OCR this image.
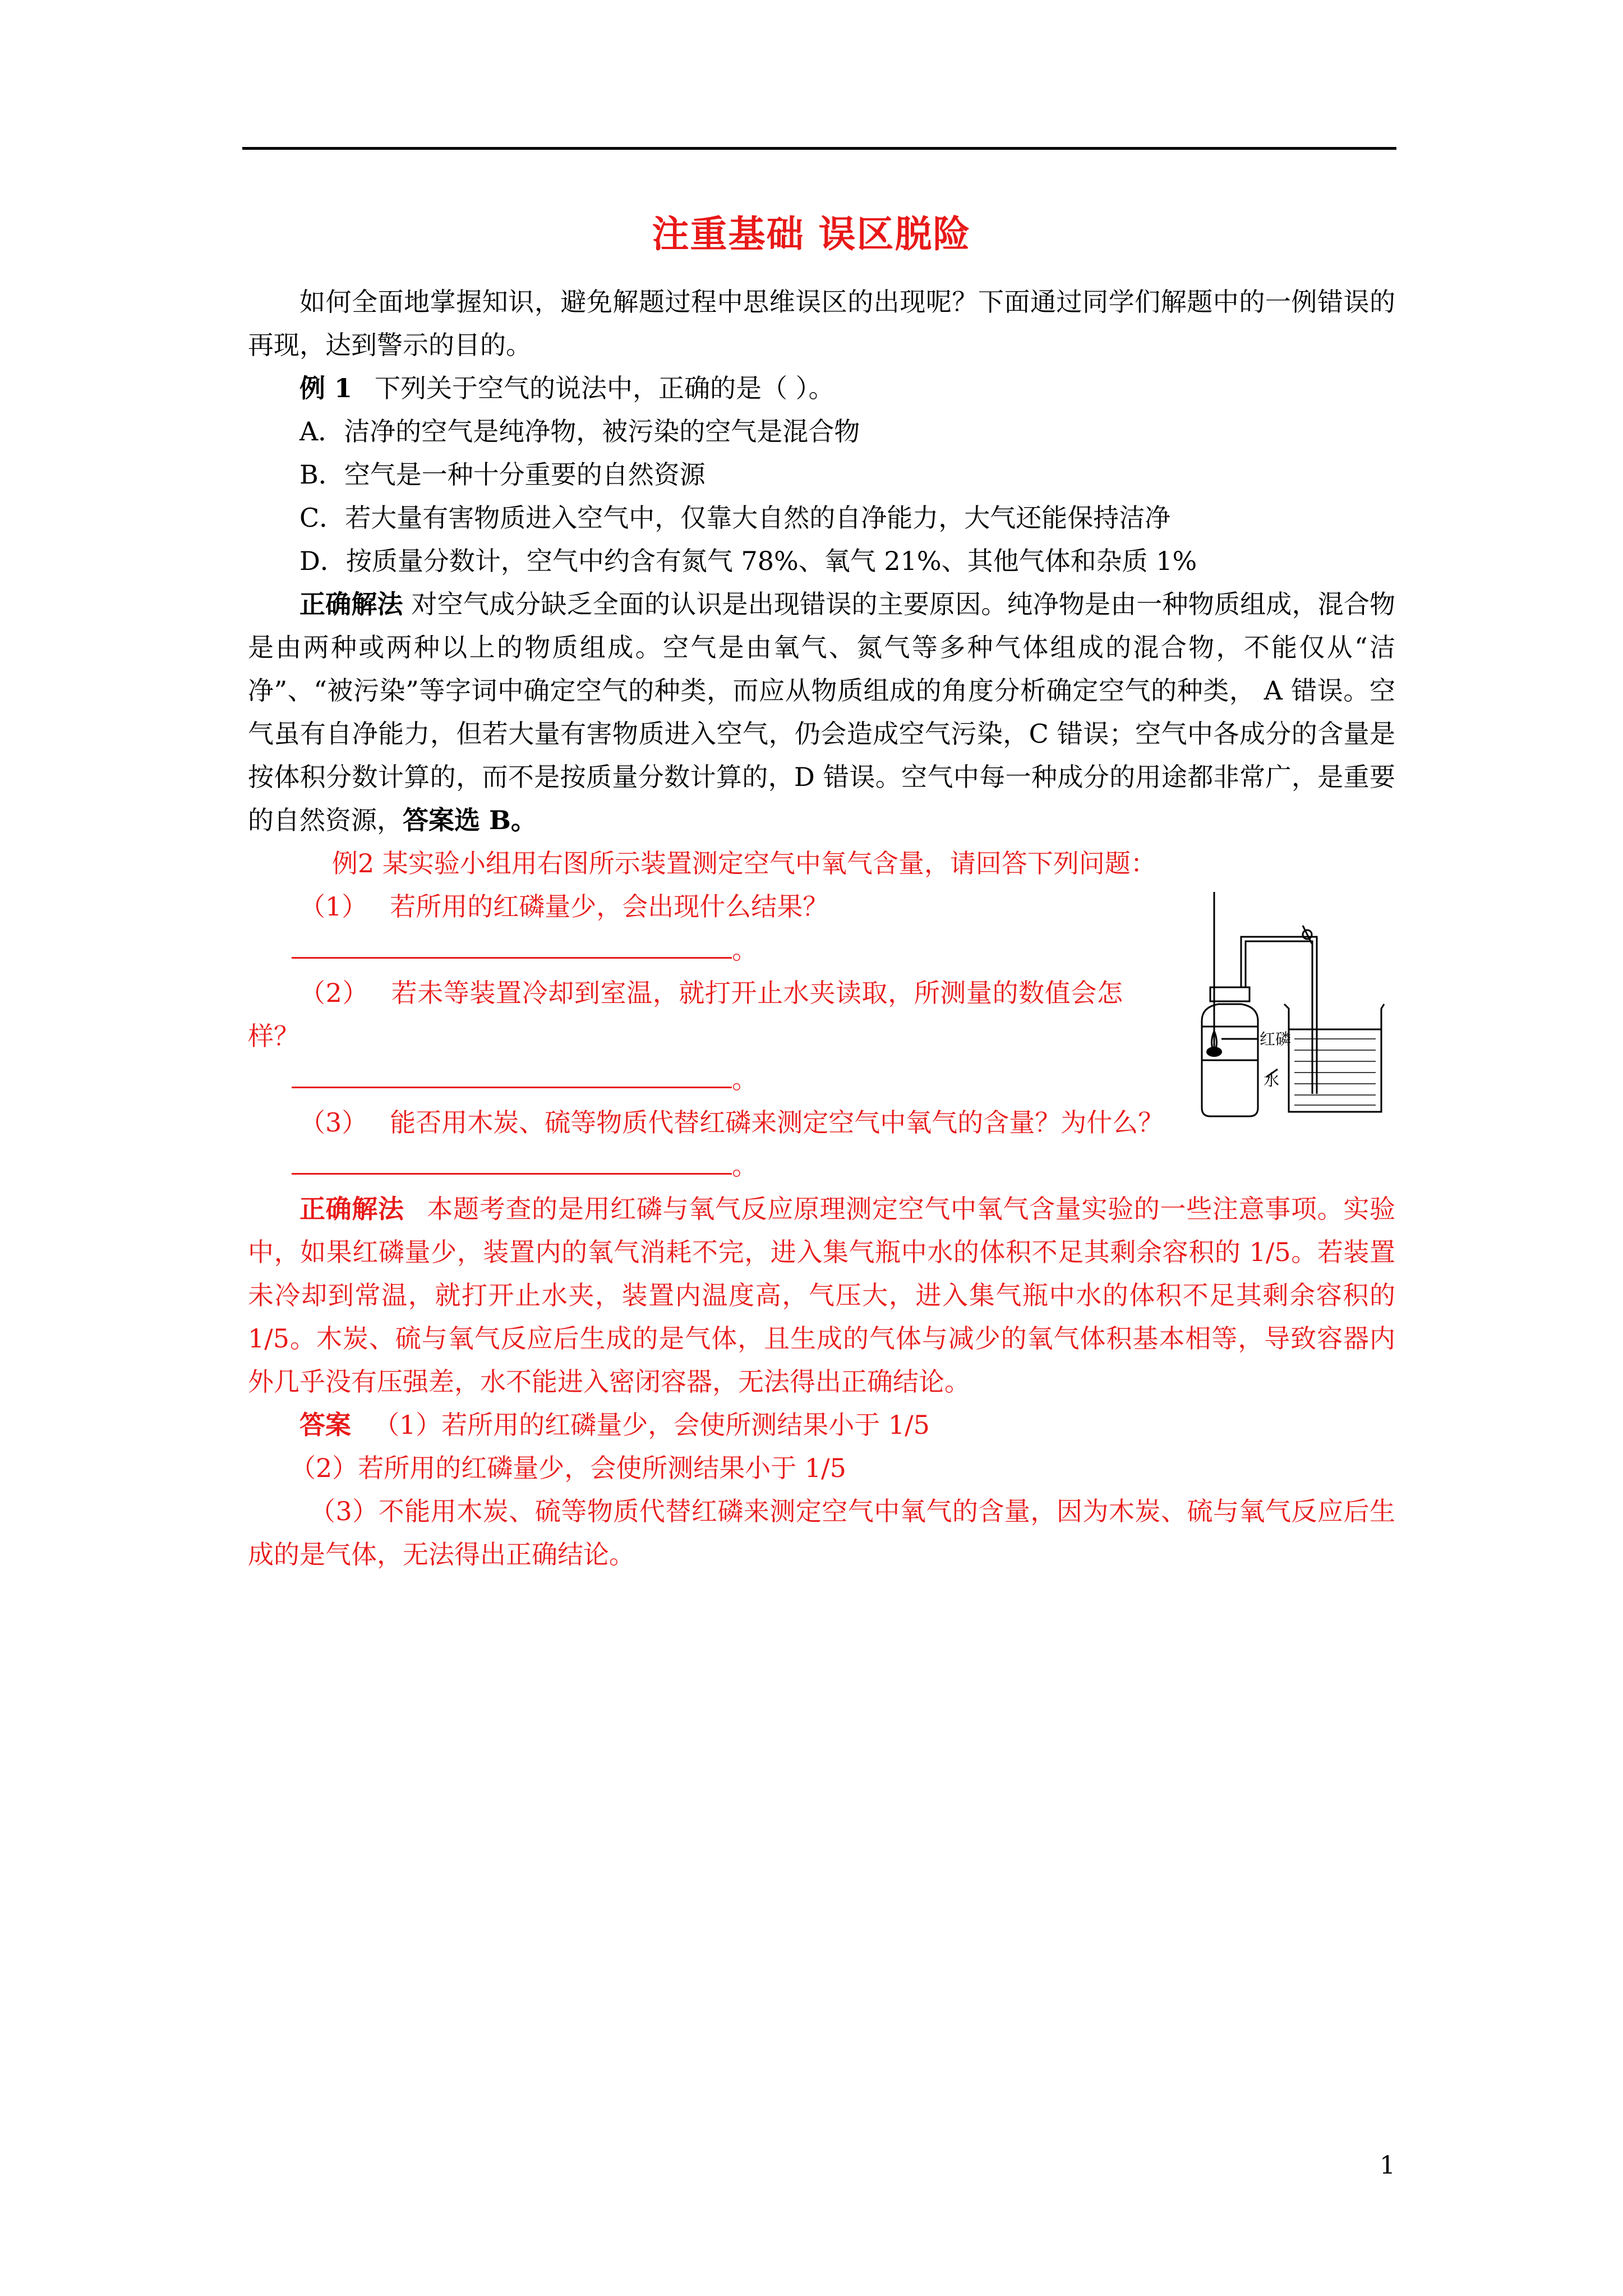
注重基础 误区脱险

如何全面地掌握知识，避免解题过程中思维误区的出现呢？下面通过同学们解题中的一例错误的再现，达到警示的目的。

例 1 下列关于空气的说法中，正确的是（ ）。

A．洁净的空气是纯净物，被污染的空气是混合物

B．空气是一种十分重要的自然资源

C．若大量有害物质进入空气中，仅靠大自然的自净能力，大气还能保持洁净

D．按质量分数计，空气中约含有氮气 78%、氧气 21%、其他气体和杂质 1%

正确解法 对空气成分缺乏全面的认识是出现错误的主要原因。纯净物是由一种物质组成，混合物是由两种或两种以上的物质组成。空气是由氧气、氮气等多种气体组成的混合物，不能仅从“洁净”、“被污染”等字词中确定空气的种类，而应从物质组成的角度分析确定空气的种类， A 错误。空气虽有自净能力，但若大量有害物质进入空气，仍会造成空气污染，C 错误；空气中各成分的含量是按体积分数计算的，而不是按质量分数计算的，D 错误。空气中每一种成分的用途都非常广，是重要的自然资源，答案选 B。

例2 某实验小组用右图所示装置测定空气中氧气含量，请回答下列问题：

（1） 若所用的红磷量少，会出现什么结果？

。

（2） 若未等装置冷却到室温，就打开止水夹读取，所测量的数值会怎样？

。

（3） 能否用木炭、硫等物质代替红磷来测定空气中氧气的含量？为什么？

。

正确解法 本题考查的是用红磷与氧气反应原理测定空气中氧气含量实验的一些注意事项。实验中，如果红磷量少，装置内的氧气消耗不完，进入集气瓶中水的体积不足其剩余容积的 1/5。若装置未冷却到常温，就打开止水夹，装置内温度高，气压大，进入集气瓶中水的体积不足其剩余容积的 1/5。木炭、硫与氧气反应后生成的是气体，且生成的气体与减少的氧气体积基本相等，导致容器内外几乎没有压强差，水不能进入密闭容器，无法得出正确结论。

答案 （1）若所用的红磷量少，会使所测结果小于 1/5

（2）若所用的红磷量少，会使所测结果小于 1/5

（3）不能用木炭、硫等物质代替红磷来测定空气中氧气的含量，因为木炭、硫与氧气反应后生成的是气体，无法得出正确结论。

红磷
水
1
